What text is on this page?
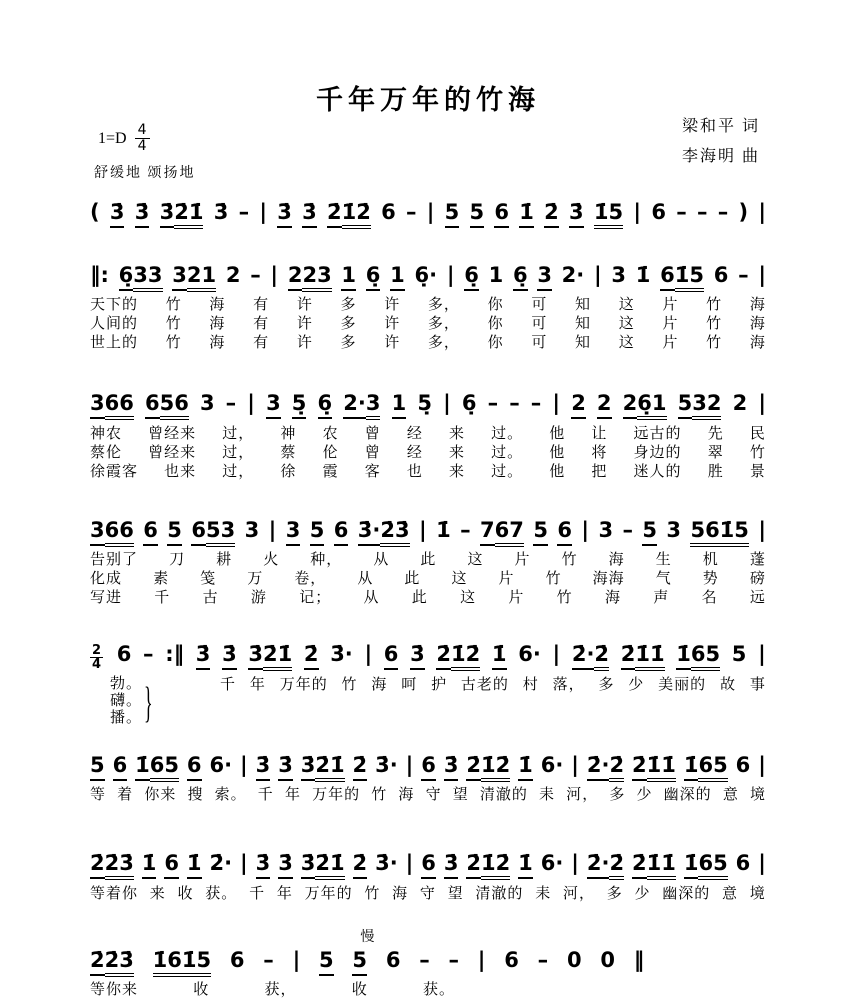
梁和平 词
李海明 曲
千年万年的竹海
$1=D \frac{4}{4}$
舒缓地 颂扬地
( 3̇ 3̇ 3̇2̇1̇ 3̇ – | 3̇ 3̇ 2̇1̇2̇ 6 – | 5 5 6 1̇ 2̇ 3̇ 1̇5 | 6 – – – ) |
‖: 6̣33 321 2 – | 223 1 6̣ 1 6̣· | 6̣ 1 6̣ 3 2· | 3 1̇ 61̇5 6 – |
天下的 竹 海 有 许 多 许 多， 你 可 知 这 片 竹 海
人间的 竹 海 有 许 多 许 多， 你 可 知 这 片 竹 海
世上的 竹 海 有 许 多 许 多， 你 可 知 这 片 竹 海
366 656 3 – | 3 5̣ 6̣ 2·3 1 5̣ | 6̣ – – – | 2 2 26̣1 532 2 |
神农 曾经来 过， 神 农 曾 经 来 过。 他 让 远古的 先 民
蔡伦 曾经来 过， 蔡 伦 曾 经 来 过。 他 将 身边的 翠 竹
徐霞客 也来 过， 徐 霞 客 也 来 过。 他 把 迷人的 胜 景
366 6 5 653 3 | 3 5 6 3̇·2̇3̇ | 1̇ – 767 5 6 | 3 – 5 3 561̇5 |
告别了 刀 耕 火 种， 从 此 这 片 竹 海 生 机 蓬
化成 素 笺 万 卷， 从 此 这 片 竹 海海 气 势 磅
写进 千 古 游 记； 从 此 这 片 竹 海 声 名 远
2
4 6 – :‖ 3̇ 3̇ 3̇2̇1̇ 2̇ 3̇· | 6 3̇ 2̇1̇2̇ 1̇ 6· | 2̇·2̇ 2̇1̇1̇ 1̇65 5 |
勃。
礴。
播。 }	千 年 万年的 竹 海 呵 护 古老的 村 落， 多 少 美丽的 故 事
5 6 1̇65 6 6· | 3̇ 3̇ 3̇2̇1̇ 2̇ 3̇· | 6 3̇ 2̇1̇2̇ 1̇ 6· | 2̇·2̇ 2̇1̇1̇ 1̇65 6 |
等 着 你来 搜 索。 千 年 万年的 竹 海 守 望 清澈的 耒 河， 多 少 幽深的 意 境
2̇2̇3̇ 1̇ 6 1̇ 2̇· | 3̇ 3̇ 3̇2̇1̇ 2̇ 3̇· | 6 3̇ 2̇1̇2̇ 1̇ 6· | 2̇·2̇ 2̇1̇1̇ 1̇65 6 |
等着你 来 收 获。 千 年 万年的 竹 海 守 望 清澈的 耒 河， 多 少 幽深的 意 境
慢
2̇2̇3̇ 1̇61̇5 6 – | 5 5 6 – – | 6 – 0 0 ‖
等你来	收	获，	收	获。
